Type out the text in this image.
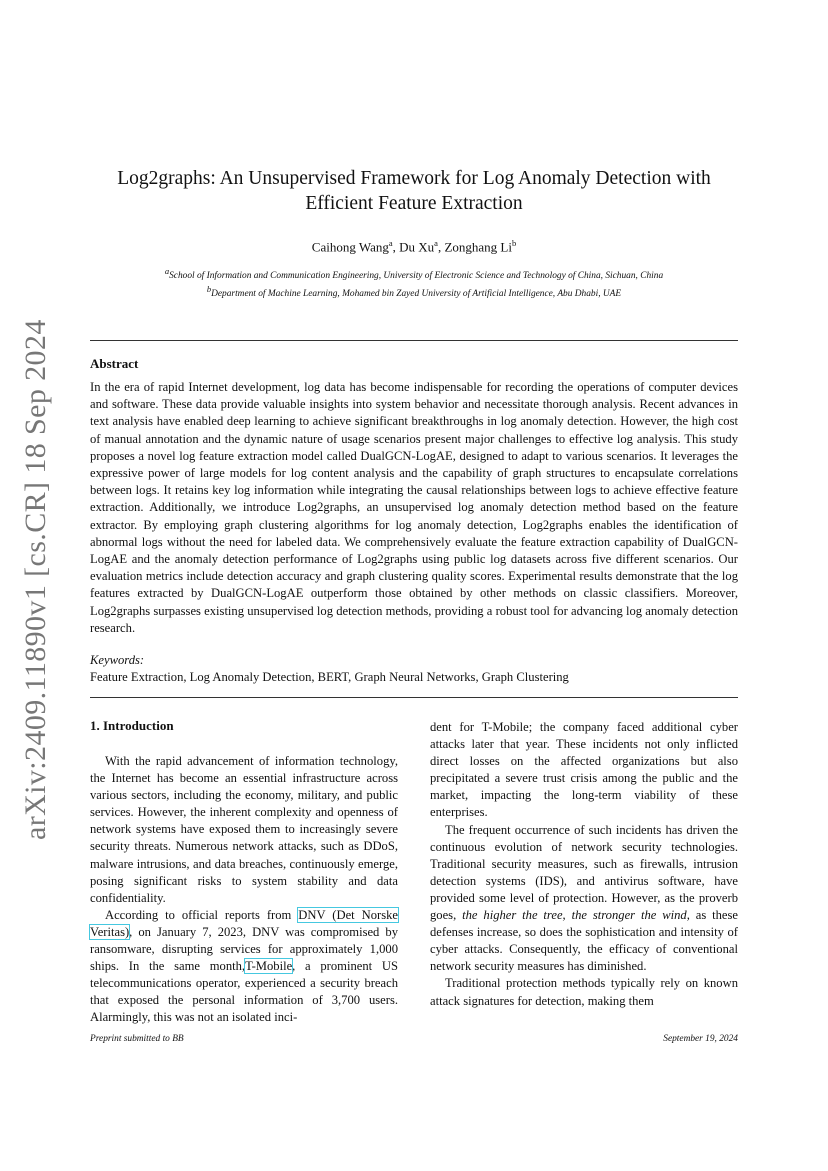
arXiv:2409.11890v1 [cs.CR] 18 Sep 2024
Log2graphs: An Unsupervised Framework for Log Anomaly Detection with
Efficient Feature Extraction
Caihong Wang$^a$, Du Xu$^a$, Zonghang Li$^b$
$^a$School of Information and Communication Engineering, University of Electronic Science and Technology of China, Sichuan, China
$^b$Department of Machine Learning, Mohamed bin Zayed University of Artificial Intelligence, Abu Dhabi, UAE
Abstract
In the era of rapid Internet development, log data has become indispensable for recording the operations of computer devices and software. These data provide valuable insights into system behavior and necessitate thorough analysis. Recent advances in text analysis have enabled deep learning to achieve significant breakthroughs in log anomaly detection. However, the high cost of manual annotation and the dynamic nature of usage scenarios present major challenges to effective log analysis. This study proposes a novel log feature extraction model called DualGCN-LogAE, designed to adapt to various scenarios. It leverages the expressive power of large models for log content analysis and the capability of graph structures to encapsulate correlations between logs. It retains key log information while integrating the causal relationships between logs to achieve effective feature extraction. Additionally, we introduce Log2graphs, an unsupervised log anomaly detection method based on the feature extractor. By employing graph clustering algorithms for log anomaly detection, Log2graphs enables the identification of abnormal logs without the need for labeled data. We comprehensively evaluate the feature extraction capability of DualGCN-LogAE and the anomaly detection performance of Log2graphs using public log datasets across five different scenarios. Our evaluation metrics include detection accuracy and graph clustering quality scores. Experimental results demonstrate that the log features extracted by DualGCN-LogAE outperform those obtained by other methods on classic classifiers. Moreover, Log2graphs surpasses existing unsupervised log detection methods, providing a robust tool for advancing log anomaly detection research.
Keywords:
Feature Extraction, Log Anomaly Detection, BERT, Graph Neural Networks, Graph Clustering
1. Introduction

With the rapid advancement of information technology, the Internet has become an essential infrastructure across various sectors, including the economy, military, and public services. However, the inherent complexity and openness of network systems have exposed them to increasingly severe security threats. Numerous network attacks, such as DDoS, malware intrusions, and data breaches, continuously emerge, posing significant risks to system stability and data confidentiality.

According to official reports from DNV (Det Norske Veritas), on January 7, 2023, DNV was compromised by ransomware, disrupting services for approximately 1,000 ships. In the same month,T-Mobile, a prominent US telecommunications operator, experienced a security breach that exposed the personal information of 3,700 users. Alarmingly, this was not an isolated inci-

dent for T-Mobile; the company faced additional cyber attacks later that year. These incidents not only inflicted direct losses on the affected organizations but also precipitated a severe trust crisis among the public and the market, impacting the long-term viability of these enterprises.

The frequent occurrence of such incidents has driven the continuous evolution of network security technologies. Traditional security measures, such as firewalls, intrusion detection systems (IDS), and antivirus software, have provided some level of protection. However, as the proverb goes, the higher the tree, the stronger the wind, as these defenses increase, so does the sophistication and intensity of cyber attacks. Consequently, the efficacy of conventional network security measures has diminished.

Traditional protection methods typically rely on known attack signatures for detection, making them

Preprint submitted to BB	September 19, 2024
